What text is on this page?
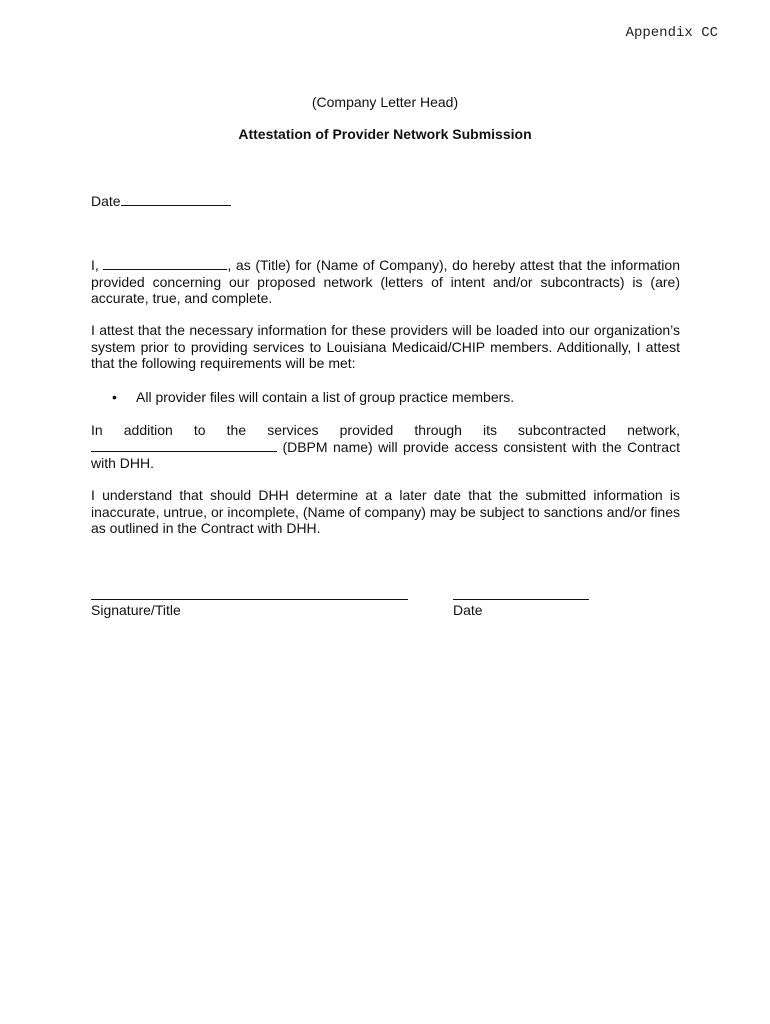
Appendix CC
(Company Letter Head)
Attestation of Provider Network Submission
Date
I,	, as (Title) for (Name of Company), do hereby attest that the information provided concerning our proposed network (letters of intent and/or subcontracts) is (are) accurate, true, and complete.
I attest that the necessary information for these providers will be loaded into our organization’s system prior to providing services to Louisiana Medicaid/CHIP members. Additionally, I attest that the following requirements will be met:
• All provider files will contain a list of group practice members.
In addition to the services provided through its subcontracted network,
(DBPM name) will provide access consistent with the Contract with DHH.
I understand that should DHH determine at a later date that the submitted information is inaccurate, untrue, or incomplete, (Name of company) may be subject to sanctions and/or fines as outlined in the Contract with DHH.
Signature/Title	Date
